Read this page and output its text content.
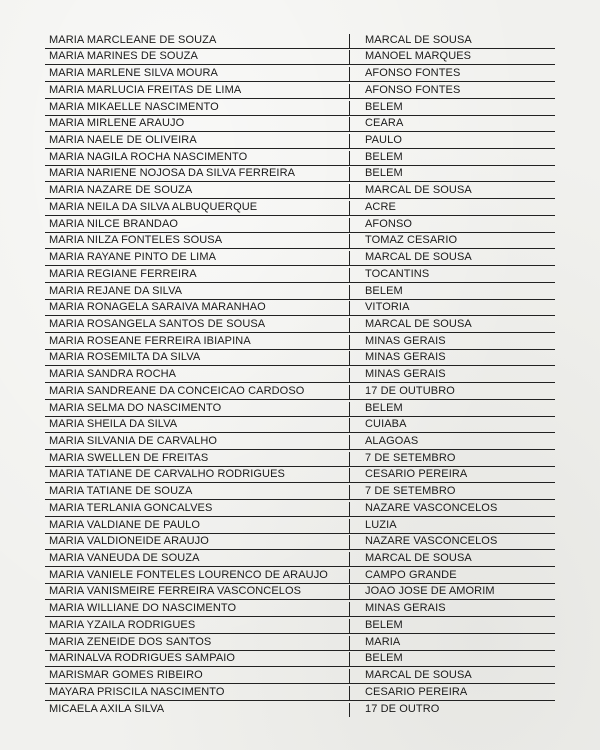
MARIA MARCLEANE DE SOUZA	MARCAL DE SOUSA
MARIA MARINES DE SOUZA	MANOEL MARQUES
MARIA MARLENE SILVA MOURA	AFONSO FONTES
MARIA MARLUCIA FREITAS DE LIMA	AFONSO FONTES
MARIA MIKAELLE NASCIMENTO	BELEM
MARIA MIRLENE ARAUJO	CEARA
MARIA NAELE DE OLIVEIRA	PAULO
MARIA NAGILA ROCHA NASCIMENTO	BELEM
MARIA NARIENE NOJOSA DA SILVA FERREIRA	BELEM
MARIA NAZARE DE SOUZA	MARCAL DE SOUSA
MARIA NEILA DA SILVA ALBUQUERQUE	ACRE
MARIA NILCE BRANDAO	AFONSO
MARIA NILZA FONTELES SOUSA	TOMAZ CESARIO
MARIA RAYANE PINTO DE LIMA	MARCAL DE SOUSA
MARIA REGIANE FERREIRA	TOCANTINS
MARIA REJANE DA SILVA	BELEM
MARIA RONAGELA SARAIVA MARANHAO	VITORIA
MARIA ROSANGELA SANTOS DE SOUSA	MARCAL DE SOUSA
MARIA ROSEANE FERREIRA IBIAPINA	MINAS GERAIS
MARIA ROSEMILTA DA SILVA	MINAS GERAIS
MARIA SANDRA ROCHA	MINAS GERAIS
MARIA SANDREANE DA CONCEICAO CARDOSO	17 DE OUTUBRO
MARIA SELMA DO NASCIMENTO	BELEM
MARIA SHEILA DA SILVA	CUIABA
MARIA SILVANIA DE CARVALHO	ALAGOAS
MARIA SWELLEN DE FREITAS	7 DE SETEMBRO
MARIA TATIANE DE CARVALHO RODRIGUES	CESARIO PEREIRA
MARIA TATIANE DE SOUZA	7 DE SETEMBRO
MARIA TERLANIA GONCALVES	NAZARE VASCONCELOS
MARIA VALDIANE DE PAULO	LUZIA
MARIA VALDIONEIDE ARAUJO	NAZARE VASCONCELOS
MARIA VANEUDA DE SOUZA	MARCAL DE SOUSA
MARIA VANIELE FONTELES LOURENCO DE ARAUJO	CAMPO GRANDE
MARIA VANISMEIRE FERREIRA VASCONCELOS	JOAO JOSE DE AMORIM
MARIA WILLIANE DO NASCIMENTO	MINAS GERAIS
MARIA YZAILA RODRIGUES	BELEM
MARIA ZENEIDE DOS SANTOS	MARIA
MARINALVA RODRIGUES SAMPAIO	BELEM
MARISMAR GOMES RIBEIRO	MARCAL DE SOUSA
MAYARA PRISCILA NASCIMENTO	CESARIO PEREIRA
MICAELA AXILA SILVA	17 DE OUTRO
